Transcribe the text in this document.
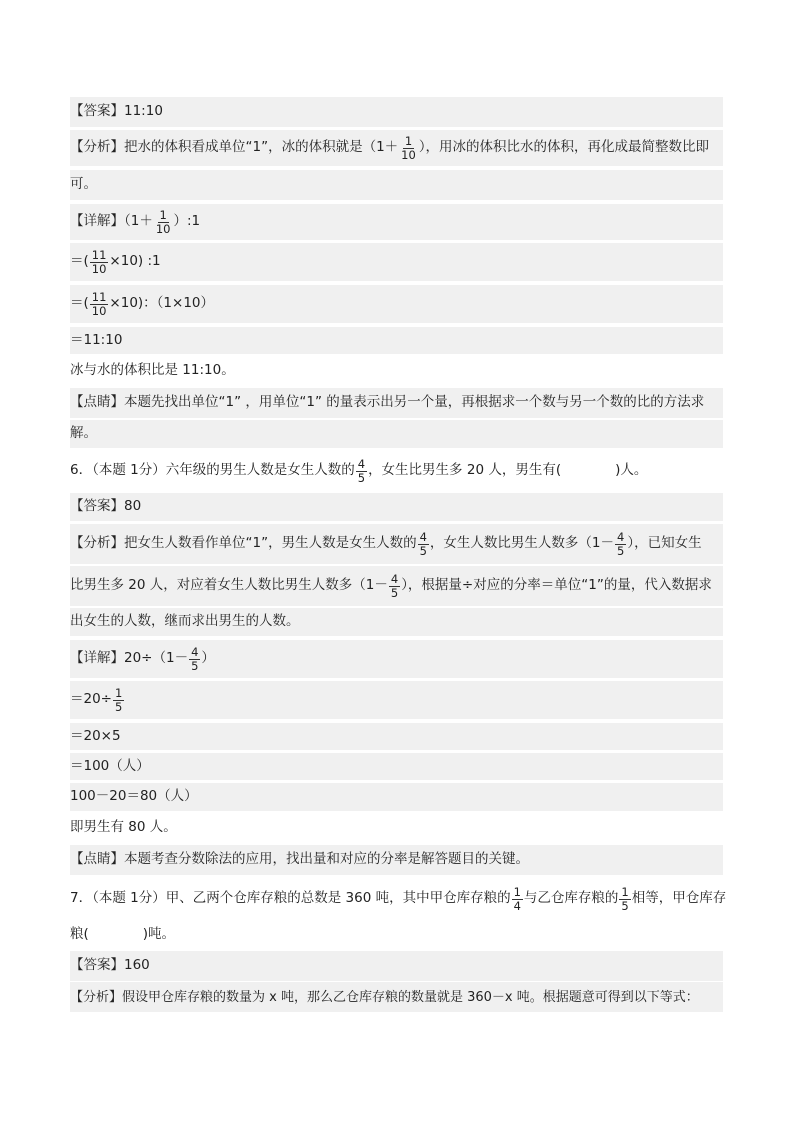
【答案】11:10
【分析】把水的体积看成单位“1”，冰的体积就是（$1+ \frac{1}{10}$ ），用冰的体积比水的体积，再化成最简整数比即
可。
【详解】（$1+ \frac{1}{10}$ ）:1
＝( $\frac{11}{10} \times 10$) :1
＝( $\frac{11}{10} \times 10$)：（1×10）
＝11:10
冰与水的体积比是 11:10。
【点睛】本题先找出单位“1” ，用单位“1” 的量表示出另一个量，再根据求一个数与另一个数的比的方法求
解。
6．（本题 1分）六年级的男生人数是女生人数的 $\frac{4}{5}$ ，女生比男生多 20 人，男生有(	)人。
【答案】80
【分析】把女生人数看作单位“1”，男生人数是女生人数的 $\frac{4}{5}$ ，女生人数比男生人数多（$1- \frac{4}{5}$ ），已知女生
比男生多 20 人，对应着女生人数比男生人数多（$1- \frac{4}{5}$ ），根据量÷对应的分率＝单位“1”的量，代入数据求
出女生的人数，继而求出男生的人数。
【详解】$20\div(1- \frac{4}{5}$ ）
$=20\div \frac{1}{5}$
＝20×5
＝100（人）
100－20＝80（人）
即男生有 80 人。
【点睛】本题考查分数除法的应用，找出量和对应的分率是解答题目的关键。
7．（本题 1分）甲、乙两个仓库存粮的总数是 360 吨，其中甲仓库存粮的 $\frac{1}{4}$ 与乙仓库存粮的 $\frac{1}{5}$ 相等，甲仓库存
粮(	)吨。
【答案】160
【分析】假设甲仓库存粮的数量为 x 吨，那么乙仓库存粮的数量就是 360－x 吨。根据题意可得到以下等式：
